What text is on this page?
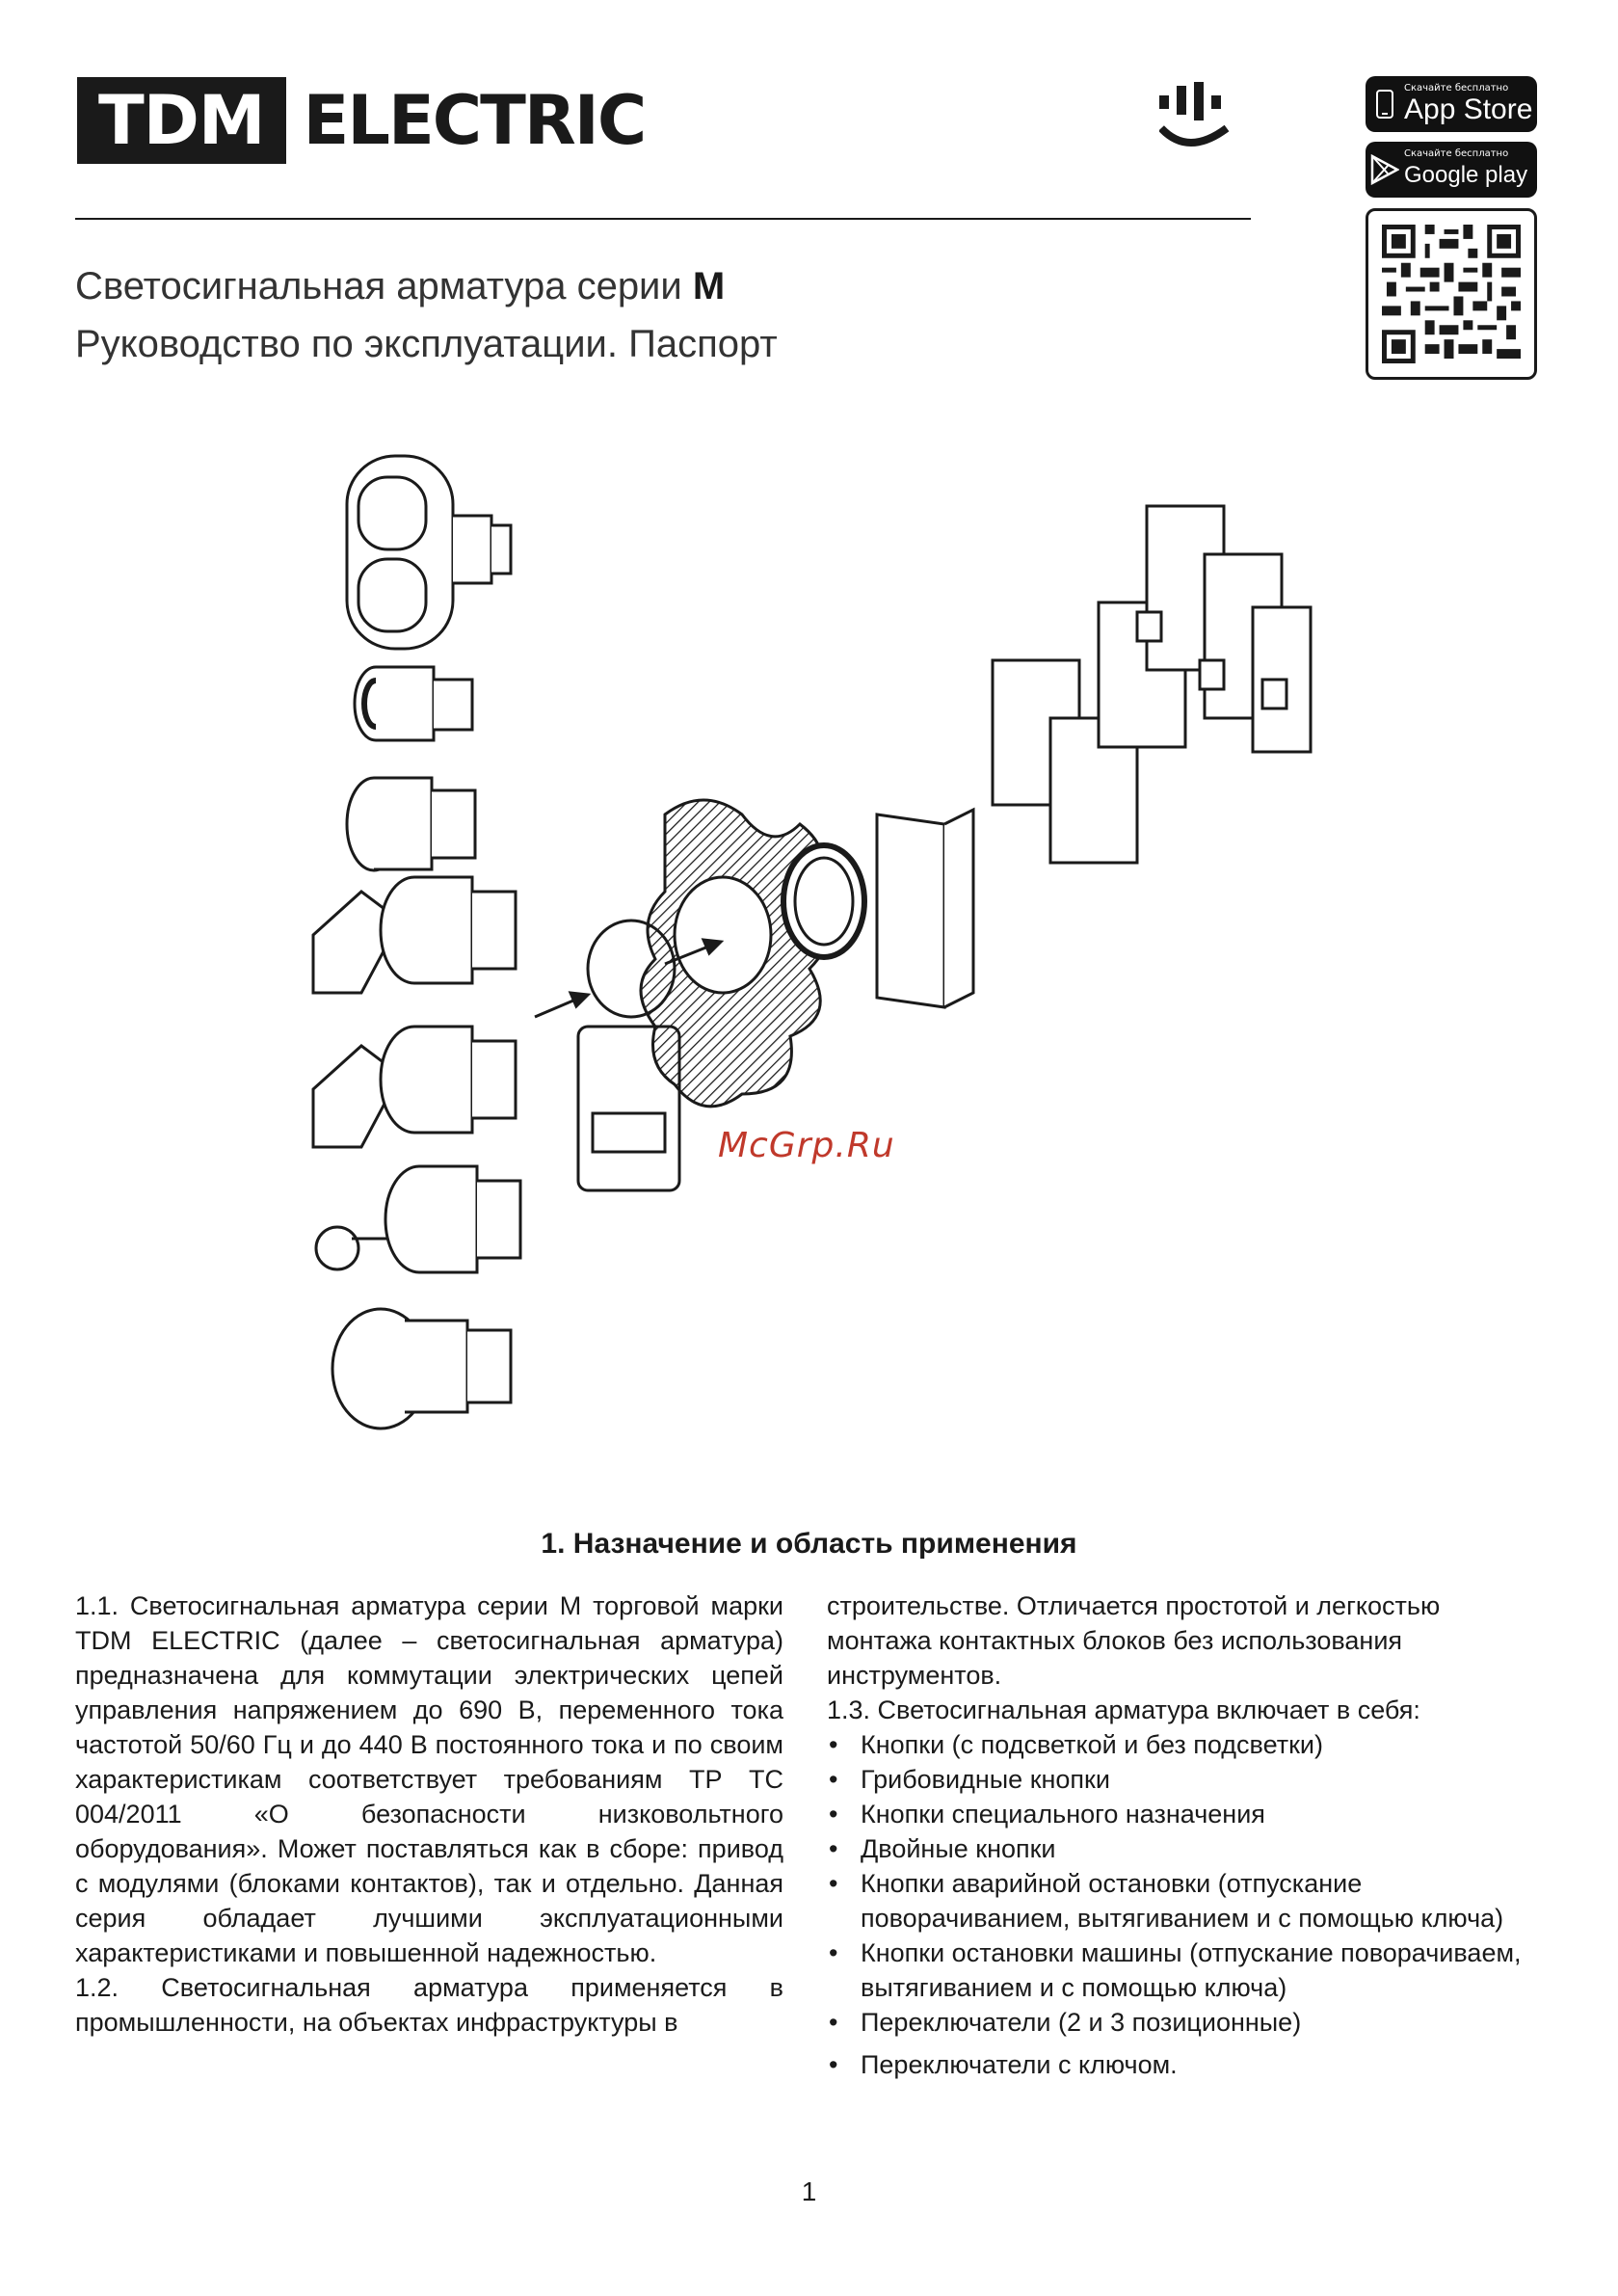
TDM ELECTRIC	Скачайте бесплатно
App Store
Скачайте бесплатно
Google play
Светосигнальная арматура серии M
Руководство по эксплуатации. Паспорт
McGrp.Ru
1. Назначение и область применения

1.1. Светосигнальная арматура серии М торговой марки TDM ELECTRIC (далее – светосигнальная арматура) предназначена для коммутации электрических цепей управления напряжением до 690 В, переменного тока частотой 50/60 Гц и до 440 В постоянного тока и по своим характеристикам соответствует требованиям ТР ТС 004/2011 «О безопасности низковольтного оборудования». Может поставляться как в сборе: привод с модулями (блоками контактов), так и отдельно. Данная серия обладает лучшими эксплуатационными характеристиками и повышенной надежностью.

1.2. Светосигнальная арматура применяется в промышленности, на объектах инфраструктуры в

строительстве. Отличается простотой и легкостью монтажа контактных блоков без использования инструментов.

1.3. Светосигнальная арматура включает в себя:

• Кнопки (с подсветкой и без подсветки)
• Грибовидные кнопки
• Кнопки специального назначения
• Двойные кнопки
• Кнопки аварийной остановки (отпускание поворачиванием, вытягиванием и с помощью ключа)
• Кнопки остановки машины (отпускание поворачиваем, вытягиванием и с помощью ключа)
• Переключатели (2 и 3 позиционные)
• Переключатели с ключом.
1
